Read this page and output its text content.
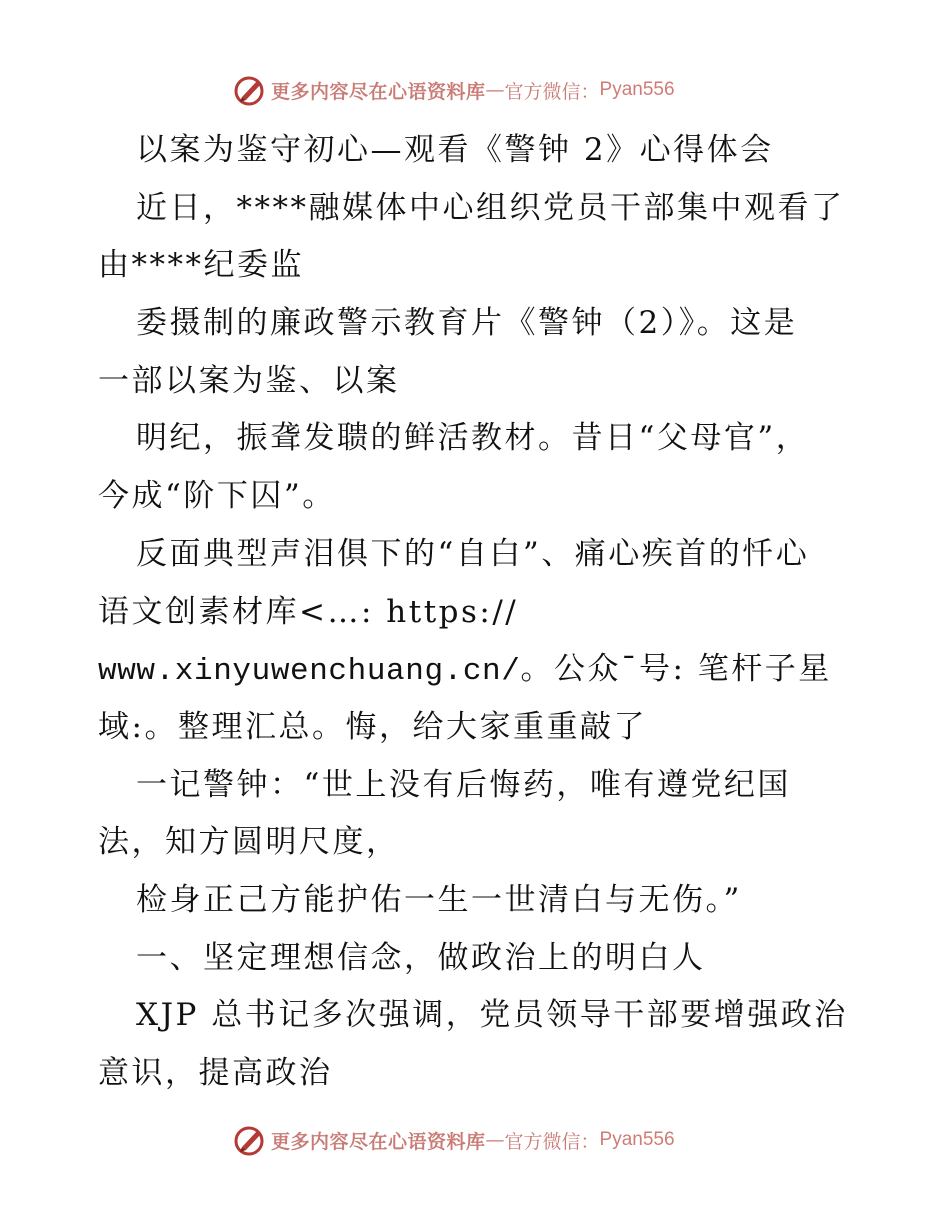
更多内容尽在心语资料库 — 官方微信： Pyan556
以案为鉴守初心—观看《警钟 2》心得体会
近日，****融媒体中心组织党员干部集中观看了
由****纪委监
委摄制的廉政警示教育片《警钟（2）》。这是
一部以案为鉴、以案
明纪，振聋发聩的鲜活教材。昔日“父母官”，
今成“阶下囚”。
反面典型声泪俱下的“自白”、痛心疾首的忏心
语文创素材库<…: https://
www.xinyuwenchuang.cn/。公众¯号: 笔杆子星
域:。整理汇总。悔，给大家重重敲了
一记警钟：“世上没有后悔药，唯有遵党纪国
法，知方圆明尺度，
检身正己方能护佑一生一世清白与无伤。”
一、坚定理想信念，做政治上的明白人
XJP 总书记多次强调，党员领导干部要增强政治
意识，提高政治
更多内容尽在心语资料库 — 官方微信： Pyan556
